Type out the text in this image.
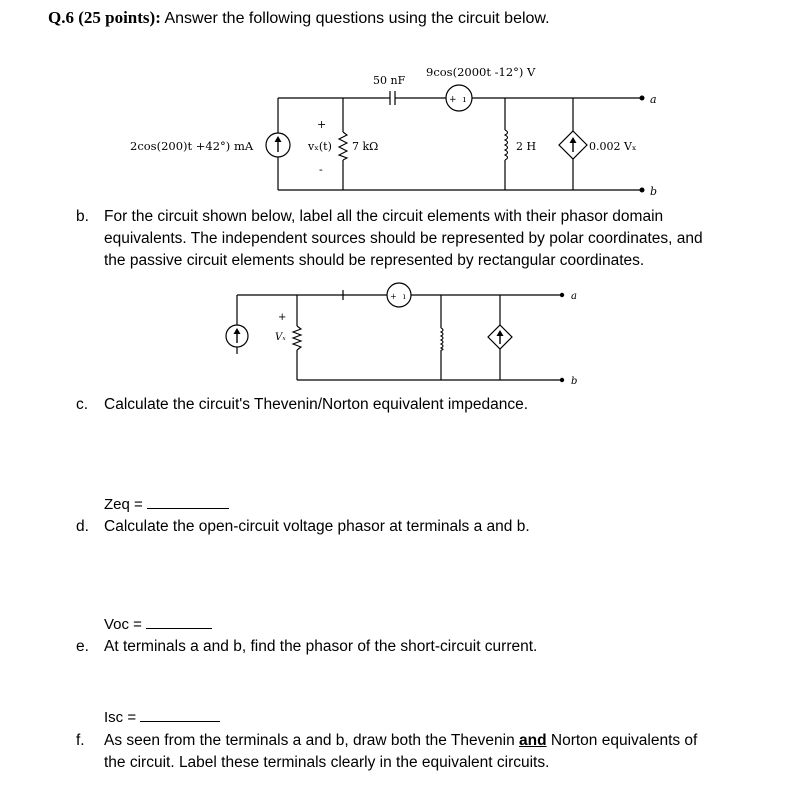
Q.6 (25 points): Answer the following questions using the circuit below.
+ ı
2cos(200)t +42°) mA
+
vₓ(t)
-
7 kΩ
50 nF
9cos(2000t -12°) V
2 H	0.002 Vₓ
a
b
b. For the circuit shown below, label all the circuit elements with their phasor domain
equivalents. The independent sources should be represented by polar coordinates, and
the passive circuit elements should be represented by rectangular coordinates.
+ ı
+
Vₓ
a
b
c. Calculate the circuit's Thevenin/Norton equivalent impedance.
Zeq =
d. Calculate the open-circuit voltage phasor at terminals a and b.
Voc =
e. At terminals a and b, find the phasor of the short-circuit current.
Isc =
f. As seen from the terminals a and b, draw both the Thevenin and Norton equivalents of
the circuit. Label these terminals clearly in the equivalent circuits.
